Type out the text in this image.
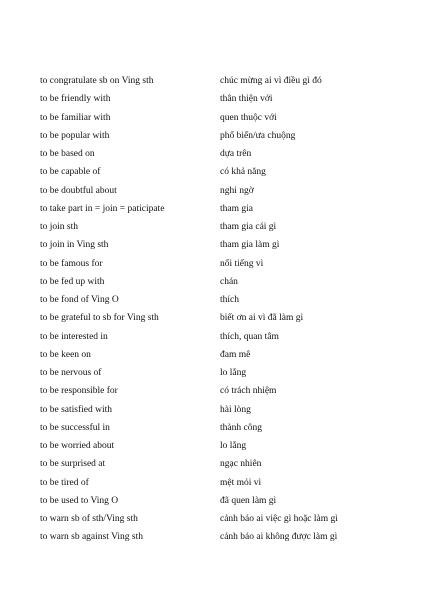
to congratulate sb on Ving sth	chúc mừng ai vì điều gì đó
to be friendly with	thân thiện với
to be familiar with	quen thuộc với
to be popular with	phổ biến/ưa chuộng
to be based on	dựa trên
to be capable of	có khả năng
to be doubtful about	nghi ngờ
to take part in = join = paticipate	tham gia
to join sth	tham gia cái gì
to join in Ving sth	tham gia làm gì
to be famous for	nổi tiếng vì
to be fed up with	chán
to be fond of Ving O	thích
to be grateful to sb for Ving sth	biết ơn ai vì đã làm gì
to be interested in	thích, quan tâm
to be keen on	đam mê
to be nervous of	lo lắng
to be responsible for	có trách nhiệm
to be satisfied with	hài lòng
to be successful in	thành công
to be worried about	lo lắng
to be surprised at	ngạc nhiên
to be tired of	mệt mỏi vì
to be used to Ving O	đã quen làm gì
to warn sb of sth/Ving sth	cảnh báo ai việc gì hoặc làm gì
to warn sb against Ving sth	cảnh báo ai không được làm gì
